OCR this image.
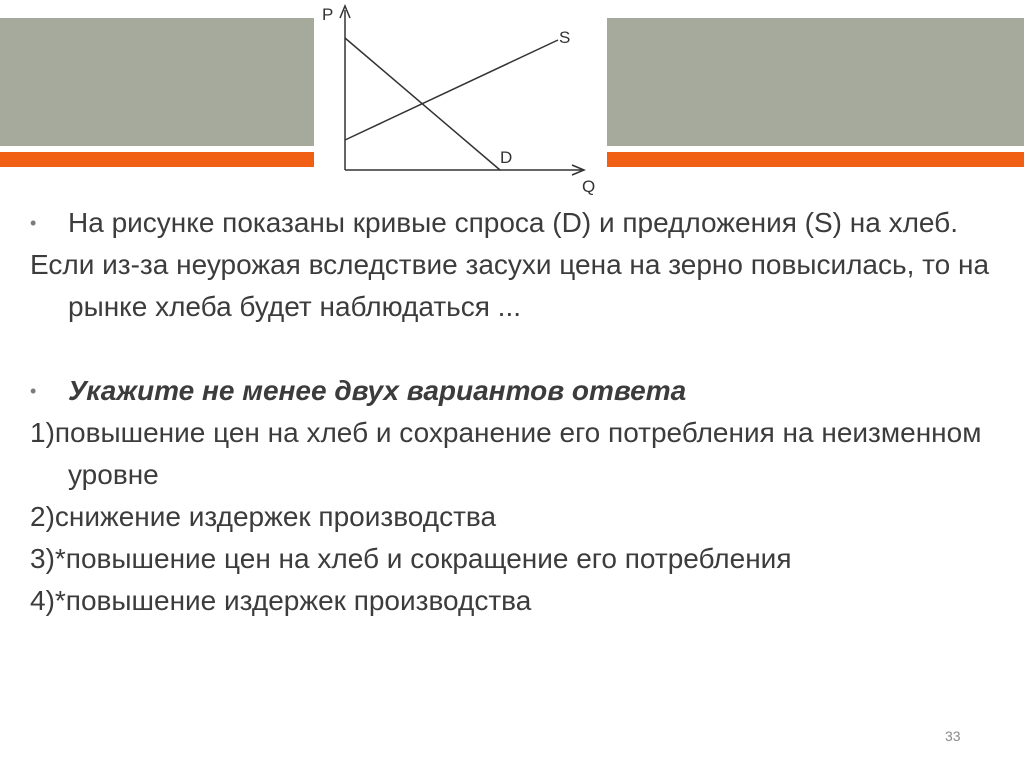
P
Q
S
D

• На рисунке показаны кривые спроса (D) и предложения (S) на хлеб.

Если из-за неурожая вследствие засухи цена на зерно повысилась, то на рынке хлеба будет наблюдаться ...

• Укажите не менее двух вариантов ответа

1)повышение цен на хлеб и сохранение его потребления на неизменном уровне

2)снижение издержек производства

3)*повышение цен на хлеб и сокращение его потребления

4)*повышение издержек производства

33
